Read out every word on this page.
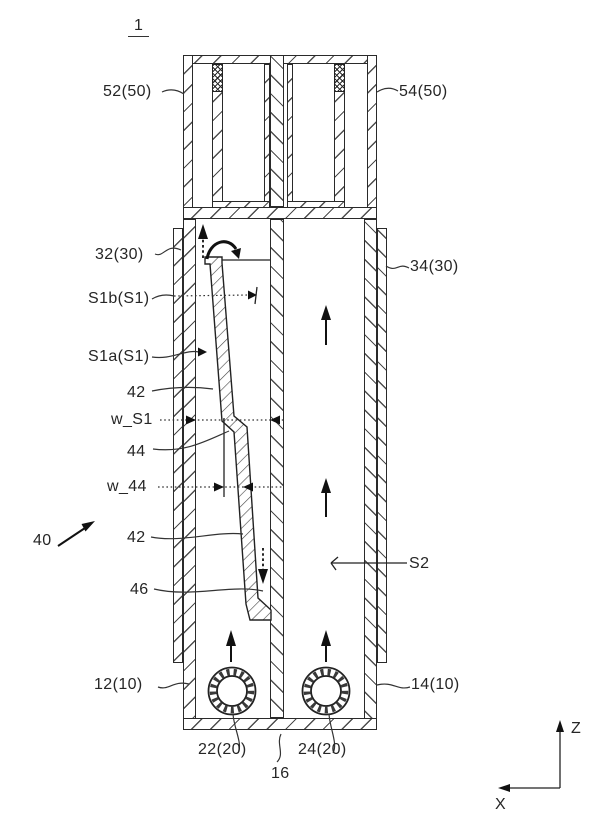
1
52(50)	54(50)
32(30)
34(30)
S1b(S1)
S1a(S1)
42
w_S1
44
w_44
40	42
46
S2
12(10)	14(10)
22(20)	24(20)
16
Z
X
